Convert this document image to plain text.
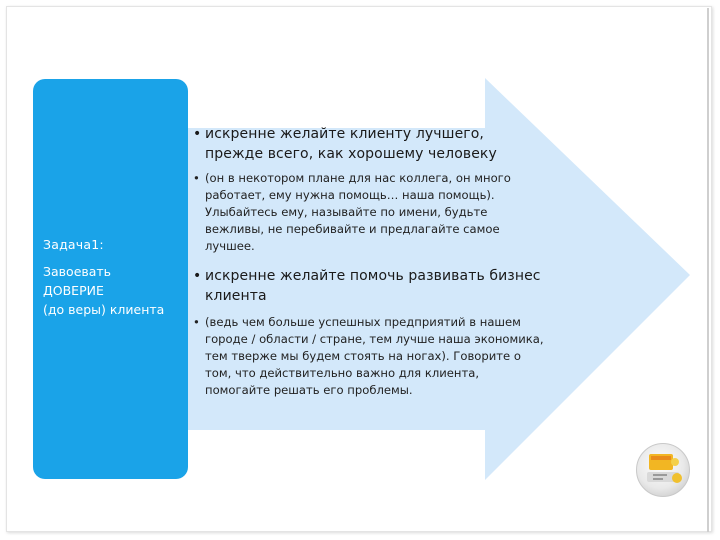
Задача1:
Завоевать
ДОВЕРИЕ
(до веры) клиента
• искренне желайте клиенту лучшего, прежде всего, как хорошему человеку
• (он в некотором плане для нас коллега, он много работает, ему нужна помощь… наша помощь). Улыбайтесь ему, называйте по имени, будьте вежливы, не перебивайте и предлагайте самое лучшее.
• искренне желайте помочь развивать бизнес клиента
• (ведь чем больше успешных предприятий в нашем городе / области / стране, тем лучше наша экономика, тем тверже мы будем стоять на ногах). Говорите о том, что действительно важно для клиента, помогайте решать его проблемы.
